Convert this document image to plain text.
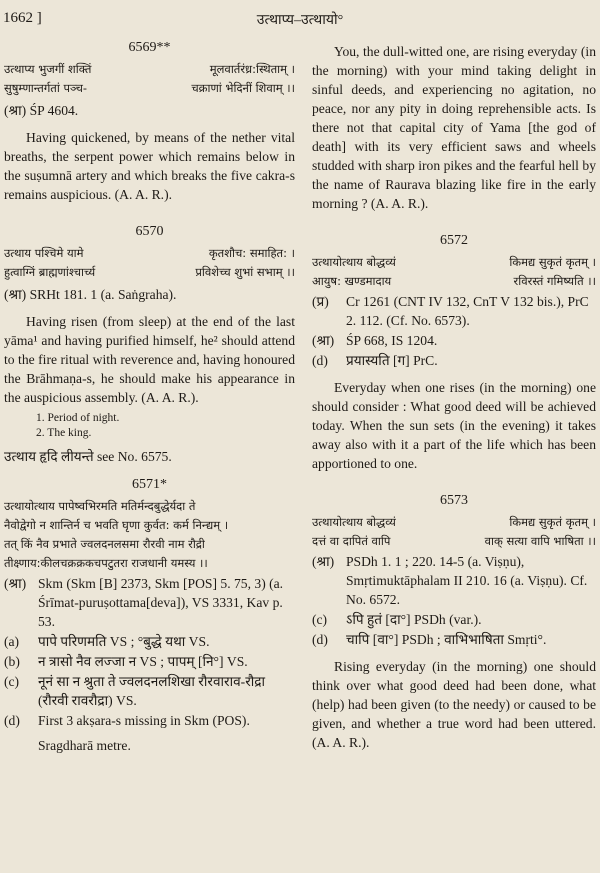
1662 ]	उत्थाप्य–उत्थायो°
6569**
उत्थाप्य भुजगीं शक्तिं	मूलवार्तरंध्र:स्थिताम् ।
सुषुम्णान्तर्गतां पञ्च-	चक्राणां भेदिनीं शिवाम् ।।
(श्रा) ŚP 4604.
Having quickened, by means of the nether vital breaths, the serpent power which remains below in the suṣumnā artery and which breaks the five cakra-s remains auspicious. (A. A. R.).
6570
उत्थाय पश्चिमे यामे	कृतशौच: समाहित: ।
हुत्वाग्निं ब्राह्मणांश्चार्च्य	प्रविशेच्च शुभां सभाम् ।।
(श्रा) SRHt 181. 1 (a. Saṅgraha).
Having risen (from sleep) at the end of the last yāma¹ and having purified himself, he² should attend to the fire ritual with reverence and, having honoured the Brāhmaṇa-s, he should make his appearance in the auspicious assembly. (A. A. R.).
1. Period of night.
2. The king.
उत्थाय हृदि लीयन्ते see No. 6575.
6571*
उत्थायोत्थाय पापेष्वभिरमति मतिर्मन्दबुद्धेर्यदा ते
नैवोद्वेगो न शान्तिर्न च भवति घृणा कुर्वत: कर्म निन्द्यम् ।
तत् किं नैव प्रभाते ज्वलदनलसमा रौरवी नाम रौद्री
तीक्ष्णाय:कीलचक्रक्रकचपटुतरा राजधानी यमस्य ।।
(श्रा) Skm (Skm [B] 2373, Skm [POS] 5. 75, 3) (a. Śrīmat-puruṣottama[deva]), VS 3331, Kav p. 53.
(a)	पापे परिणमति VS ; °बुद्धे यथा VS.
(b)	न त्रासो नैव लज्जा न VS ; पापम् [नि°] VS.
(c)	नूनं सा न श्रुता ते ज्वलदनलशिखा रौरवाराव-रौद्रा (रौरवी रावरौद्रा) VS.
(d)	First 3 akṣara-s missing in Skm (POS).
Sragdharā metre.
You, the dull-witted one, are rising everyday (in the morning) with your mind taking delight in sinful deeds, and experiencing no agitation, no peace, nor any pity in doing reprehensible acts. Is there not that capital city of Yama [the god of death] with its very efficient saws and wheels studded with sharp iron pikes and the fearful hell by the name of Raurava blazing like fire in the early morning ? (A. A. R.).
6572
उत्थायोत्थाय बोद्धव्यं	किमद्य सुकृतं कृतम् ।
आयुष: खण्डमादाय	रविरस्तं गमिष्यति ।।
(प्र)	Cr 1261 (CNT IV 132, CnT V 132 bis.), PrC 2. 112. (Cf. No. 6573).
(श्रा) ŚP 668, IS 1204.
(d)	प्रयास्यति [ग] PrC.
Everyday when one rises (in the morning) one should consider : What good deed will be achieved today. When the sun sets (in the evening) it takes away also with it a part of the life which has been apportioned to one.
6573
उत्थायोत्थाय बोद्धव्यं	किमद्य सुकृतं कृतम् ।
दत्तं वा दापितं वापि	वाक् सत्या वापि भाषिता ।।
(श्रा) PSDh 1. 1 ; 220. 14-5 (a. Viṣṇu), Smṛtimuktāphalam II 210. 16 (a. Viṣṇu). Cf. No. 6572.
(c)	ऽपि हुतं [दा°] PSDh (var.).
(d)	चापि [वा°] PSDh ; वाभिभाषिता Smṛti°.
Rising everyday (in the morning) one should think over what good deed had been done, what (help) had been given (to the needy) or caused to be given, and whether a true word had been uttered. (A. A. R.).
